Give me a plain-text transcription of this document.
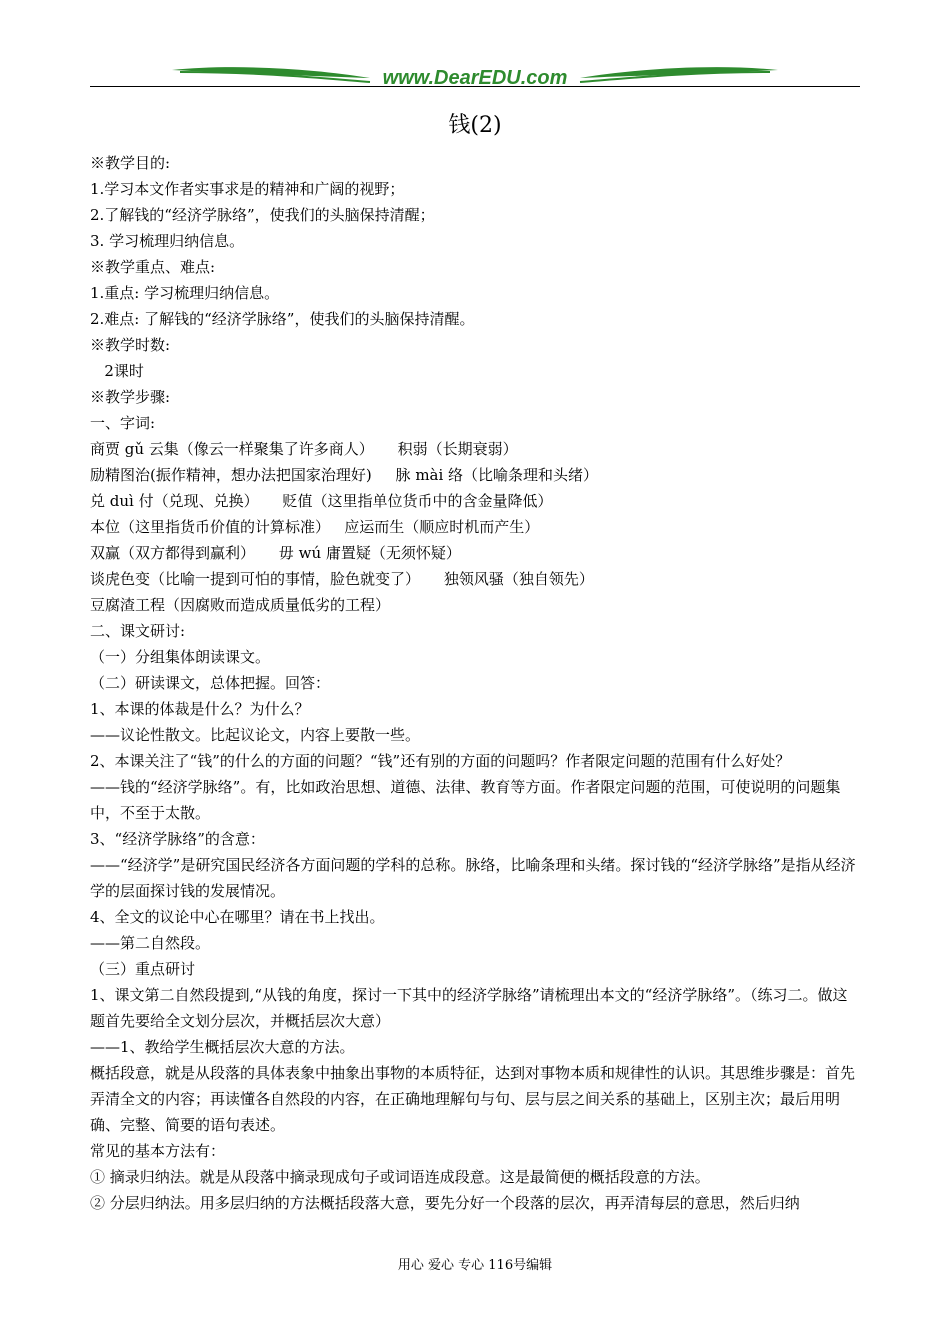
www.DearEDU.com
钱(2)

※教学目的:

1.学习本文作者实事求是的精神和广阔的视野；

2.了解钱的“经济学脉络”，使我们的头脑保持清醒；

3. 学习梳理归纳信息。

※教学重点、难点:

1.重点: 学习梳理归纳信息。

2.难点: 了解钱的“经济学脉络”，使我们的头脑保持清醒。

※教学时数:

2课时

※教学步骤:

一、字词:

商贾 gǔ 云集（像云一样聚集了许多商人）     积弱（长期衰弱）

励精图治(振作精神，想办法把国家治理好)     脉 mài 络（比喻条理和头绪）

兑 duì 付（兑现、兑换）     贬值（这里指单位货币中的含金量降低）

本位（这里指货币价值的计算标准）   应运而生（顺应时机而产生）

双赢（双方都得到赢利）     毋 wú 庸置疑（无须怀疑）

谈虎色变（比喻一提到可怕的事情，脸色就变了）     独领风骚（独自领先）

豆腐渣工程（因腐败而造成质量低劣的工程）

二、课文研讨:

（一）分组集体朗读课文。

（二）研读课文，总体把握。回答：

1、本课的体裁是什么？为什么？

——议论性散文。比起议论文，内容上要散一些。

2、本课关注了“钱”的什么的方面的问题？“钱”还有别的方面的问题吗？作者限定问题的范围有什么好处？

——钱的“经济学脉络”。有，比如政治思想、道德、法律、教育等方面。作者限定问题的范围，可使说明的问题集中，不至于太散。

3、“经济学脉络”的含意：

——“经济学”是研究国民经济各方面问题的学科的总称。脉络，比喻条理和头绪。探讨钱的“经济学脉络”是指从经济学的层面探讨钱的发展情况。

4、全文的议论中心在哪里？请在书上找出。

——第二自然段。

（三）重点研讨

1、课文第二自然段提到,“从钱的角度，探讨一下其中的经济学脉络”请梳理出本文的“经济学脉络”。（练习二。做这题首先要给全文划分层次，并概括层次大意）

——1、教给学生概括层次大意的方法。

概括段意，就是从段落的具体表象中抽象出事物的本质特征，达到对事物本质和规律性的认识。其思维步骤是：首先弄清全文的内容；再读懂各自然段的内容，在正确地理解句与句、层与层之间关系的基础上，区别主次；最后用明确、完整、简要的语句表述。

常见的基本方法有：

① 摘录归纳法。就是从段落中摘录现成句子或词语连成段意。这是最简便的概括段意的方法。

② 分层归纳法。用多层归纳的方法概括段落大意，要先分好一个段落的层次，再弄清每层的意思，然后归纳

用心 爱心 专心 116号编辑
